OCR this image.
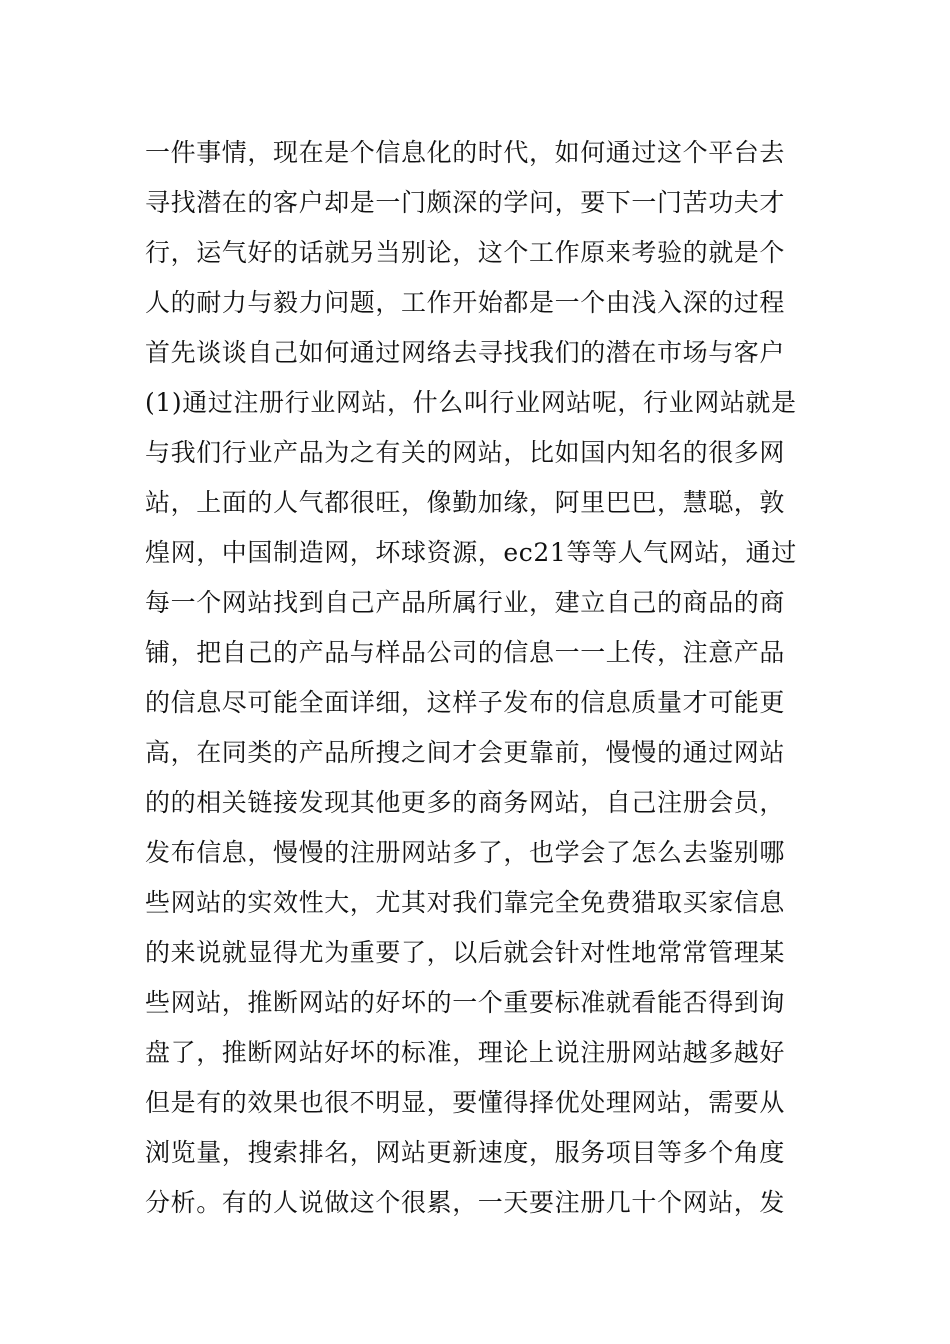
一件事情，现在是个信息化的时代，如何通过这个平台去
寻找潜在的客户却是一门颇深的学问，要下一门苦功夫才
行，运气好的话就另当别论，这个工作原来考验的就是个
人的耐力与毅力问题，工作开始都是一个由浅入深的过程
首先谈谈自己如何通过网络去寻找我们的潜在市场与客户
(1)通过注册行业网站，什么叫行业网站呢，行业网站就是
与我们行业产品为之有关的网站，比如国内知名的很多网
站，上面的人气都很旺，像勤加缘，阿里巴巴，慧聪，敦
煌网，中国制造网，坏球资源，ec21等等人气网站，通过
每一个网站找到自己产品所属行业，建立自己的商品的商
铺，把自己的产品与样品公司的信息一一上传，注意产品
的信息尽可能全面详细，这样子发布的信息质量才可能更
高，在同类的产品所搜之间才会更靠前，慢慢的通过网站
的的相关链接发现其他更多的商务网站，自己注册会员，
发布信息，慢慢的注册网站多了，也学会了怎么去鉴别哪
些网站的实效性大，尤其对我们靠完全免费猎取买家信息
的来说就显得尤为重要了，以后就会针对性地常常管理某
些网站，推断网站的好坏的一个重要标准就看能否得到询
盘了，推断网站好坏的标准，理论上说注册网站越多越好
但是有的效果也很不明显，要懂得择优处理网站，需要从
浏览量，搜索排名，网站更新速度，服务项目等多个角度
分析。有的人说做这个很累，一天要注册几十个网站，发
